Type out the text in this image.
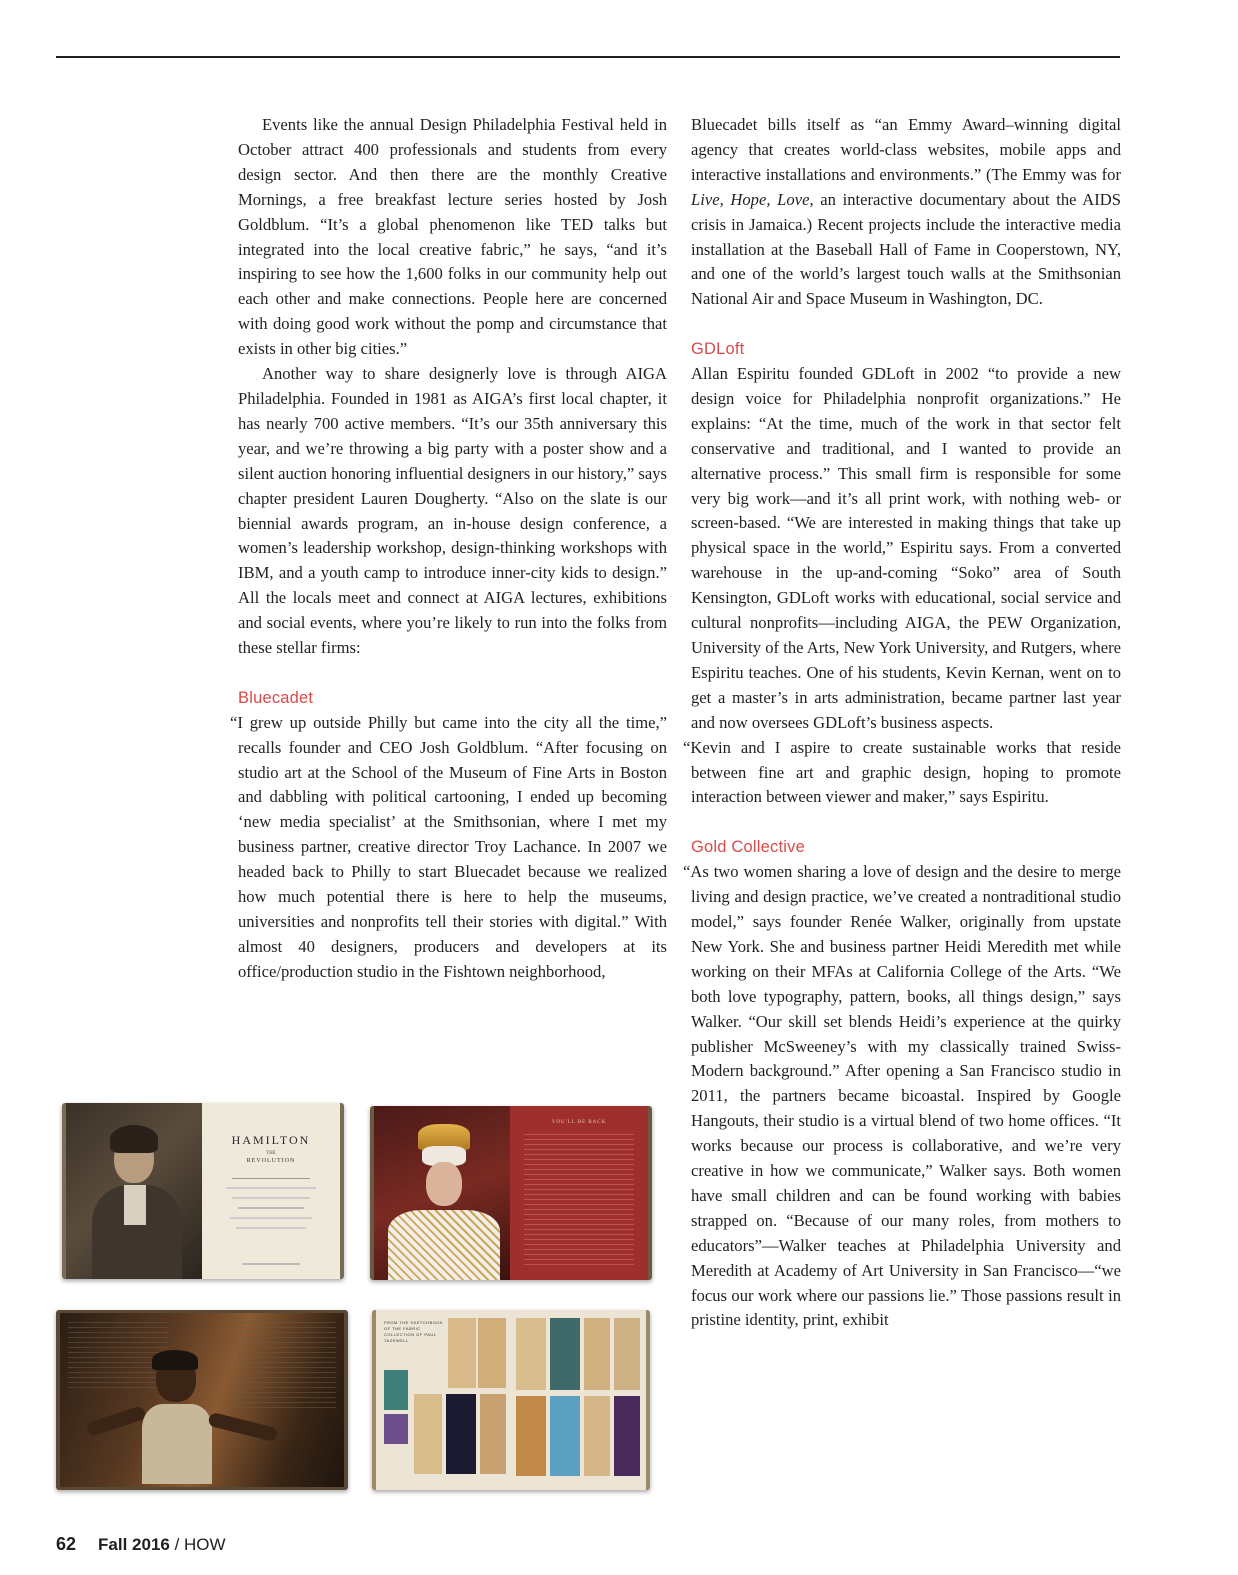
Events like the annual Design Philadelphia Festival held in October attract 400 professionals and students from every design sector. And then there are the monthly Creative Mornings, a free breakfast lecture series hosted by Josh Goldblum. “It’s a global phenomenon like TED talks but integrated into the local creative fabric,” he says, “and it’s inspiring to see how the 1,600 folks in our community help out each other and make connections. People here are concerned with doing good work without the pomp and circumstance that exists in other big cities.”

Another way to share designerly love is through AIGA Philadelphia. Founded in 1981 as AIGA’s first local chapter, it has nearly 700 active members. “It’s our 35th anniversary this year, and we’re throwing a big party with a poster show and a silent auction honoring influential designers in our history,” says chapter president Lauren Dougherty. “Also on the slate is our biennial awards program, an in-house design conference, a women’s leadership workshop, design-thinking workshops with IBM, and a youth camp to introduce inner-city kids to design.” All the locals meet and connect at AIGA lectures, exhibitions and social events, where you’re likely to run into the folks from these stellar firms:

Bluecadet

“I grew up outside Philly but came into the city all the time,” recalls founder and CEO Josh Goldblum. “After focusing on studio art at the School of the Museum of Fine Arts in Boston and dabbling with political cartooning, I ended up becoming ‘new media specialist’ at the Smithsonian, where I met my business partner, creative director Troy Lachance. In 2007 we headed back to Philly to start Bluecadet because we realized how much potential there is here to help the museums, universities and nonprofits tell their stories with digital.” With almost 40 designers, producers and developers at its office/production studio in the Fishtown neighborhood,

Bluecadet bills itself as “an Emmy Award–winning digital agency that creates world-class websites, mobile apps and interactive installations and environments.” (The Emmy was for Live, Hope, Love, an interactive documentary about the AIDS crisis in Jamaica.) Recent projects include the interactive media installation at the Baseball Hall of Fame in Cooperstown, NY, and one of the world’s largest touch walls at the Smithsonian National Air and Space Museum in Washington, DC.

GDLoft

Allan Espiritu founded GDLoft in 2002 “to provide a new design voice for Philadelphia nonprofit organizations.” He explains: “At the time, much of the work in that sector felt conservative and traditional, and I wanted to provide an alternative process.” This small firm is responsible for some very big work—and it’s all print work, with nothing web- or screen-based. “We are interested in making things that take up physical space in the world,” Espiritu says. From a converted warehouse in the up-and-coming “Soko” area of South Kensington, GDLoft works with educational, social service and cultural nonprofits—including AIGA, the PEW Organization, University of the Arts, New York University, and Rutgers, where Espiritu teaches. One of his students, Kevin Kernan, went on to get a master’s in arts administration, became partner last year and now oversees GDLoft’s business aspects.

“Kevin and I aspire to create sustainable works that reside between fine art and graphic design, hoping to promote interaction between viewer and maker,” says Espiritu.

Gold Collective

“As two women sharing a love of design and the desire to merge living and design practice, we’ve created a nontraditional studio model,” says founder Renée Walker, originally from upstate New York. She and business partner Heidi Meredith met while working on their MFAs at California College of the Arts. “We both love typography, pattern, books, all things design,” says Walker. “Our skill set blends Heidi’s experience at the quirky publisher McSweeney’s with my classically trained Swiss-Modern background.” After opening a San Francisco studio in 2011, the partners became bicoastal. Inspired by Google Hangouts, their studio is a virtual blend of two home offices. “It works because our process is collaborative, and we’re very creative in how we communicate,” Walker says. Both women have small children and can be found working with babies strapped on. “Because of our many roles, from mothers to educators”—Walker teaches at Philadelphia University and Meredith at Academy of Art University in San Francisco—“we focus our work where our passions lie.” Those passions result in pristine identity, print, exhibit

HAMILTON
THE
REVOLUTION
YOU'LL BE BACK
FROM THE SKETCHBOOK OF THE FABRIC COLLECTION OF PAUL TAZEWELL
62 Fall 2016 / HOW
